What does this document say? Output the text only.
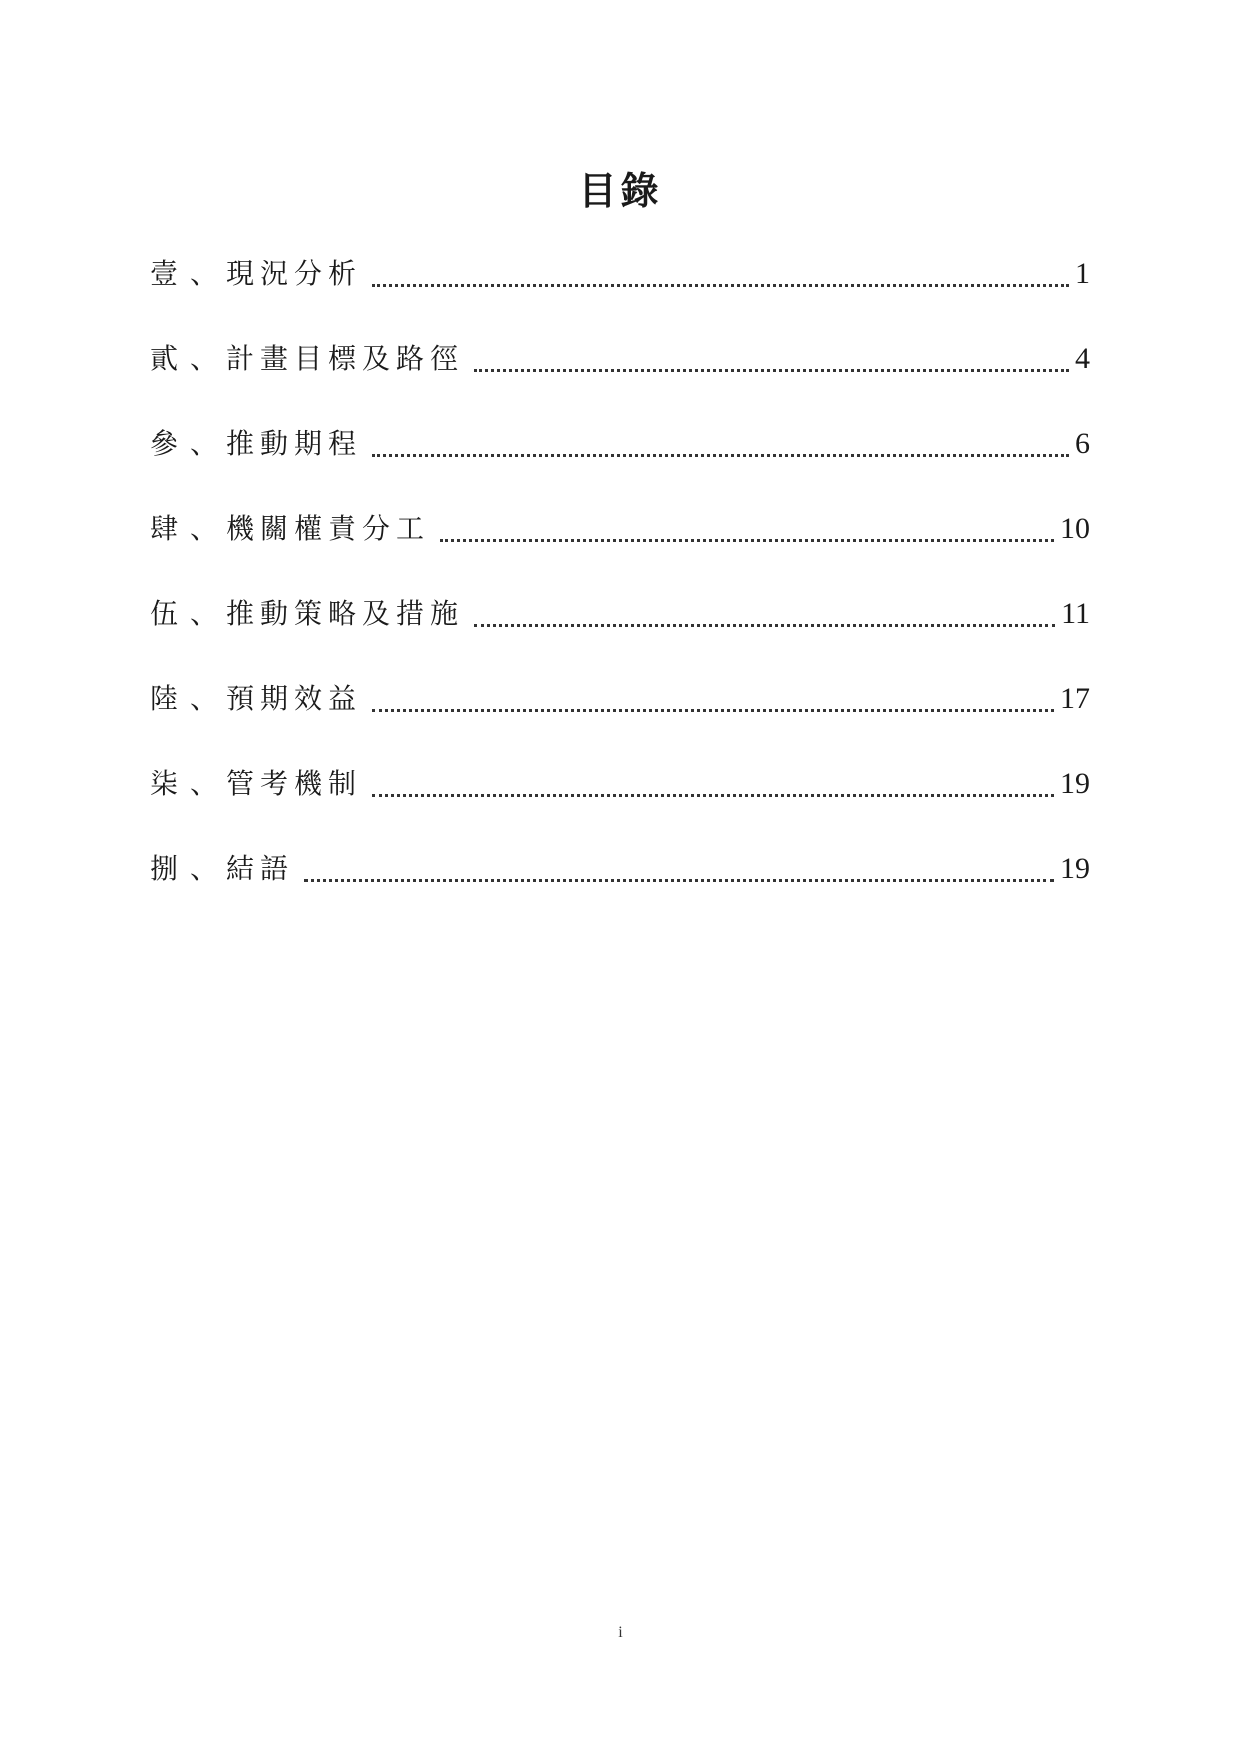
目錄
壹 、 現況分析	1
貳 、 計畫目標及路徑	4
參 、 推動期程	6
肆 、 機關權責分工	10
伍 、 推動策略及措施	11
陸 、 預期效益	17
柒 、 管考機制	19
捌 、 結語	19
i
